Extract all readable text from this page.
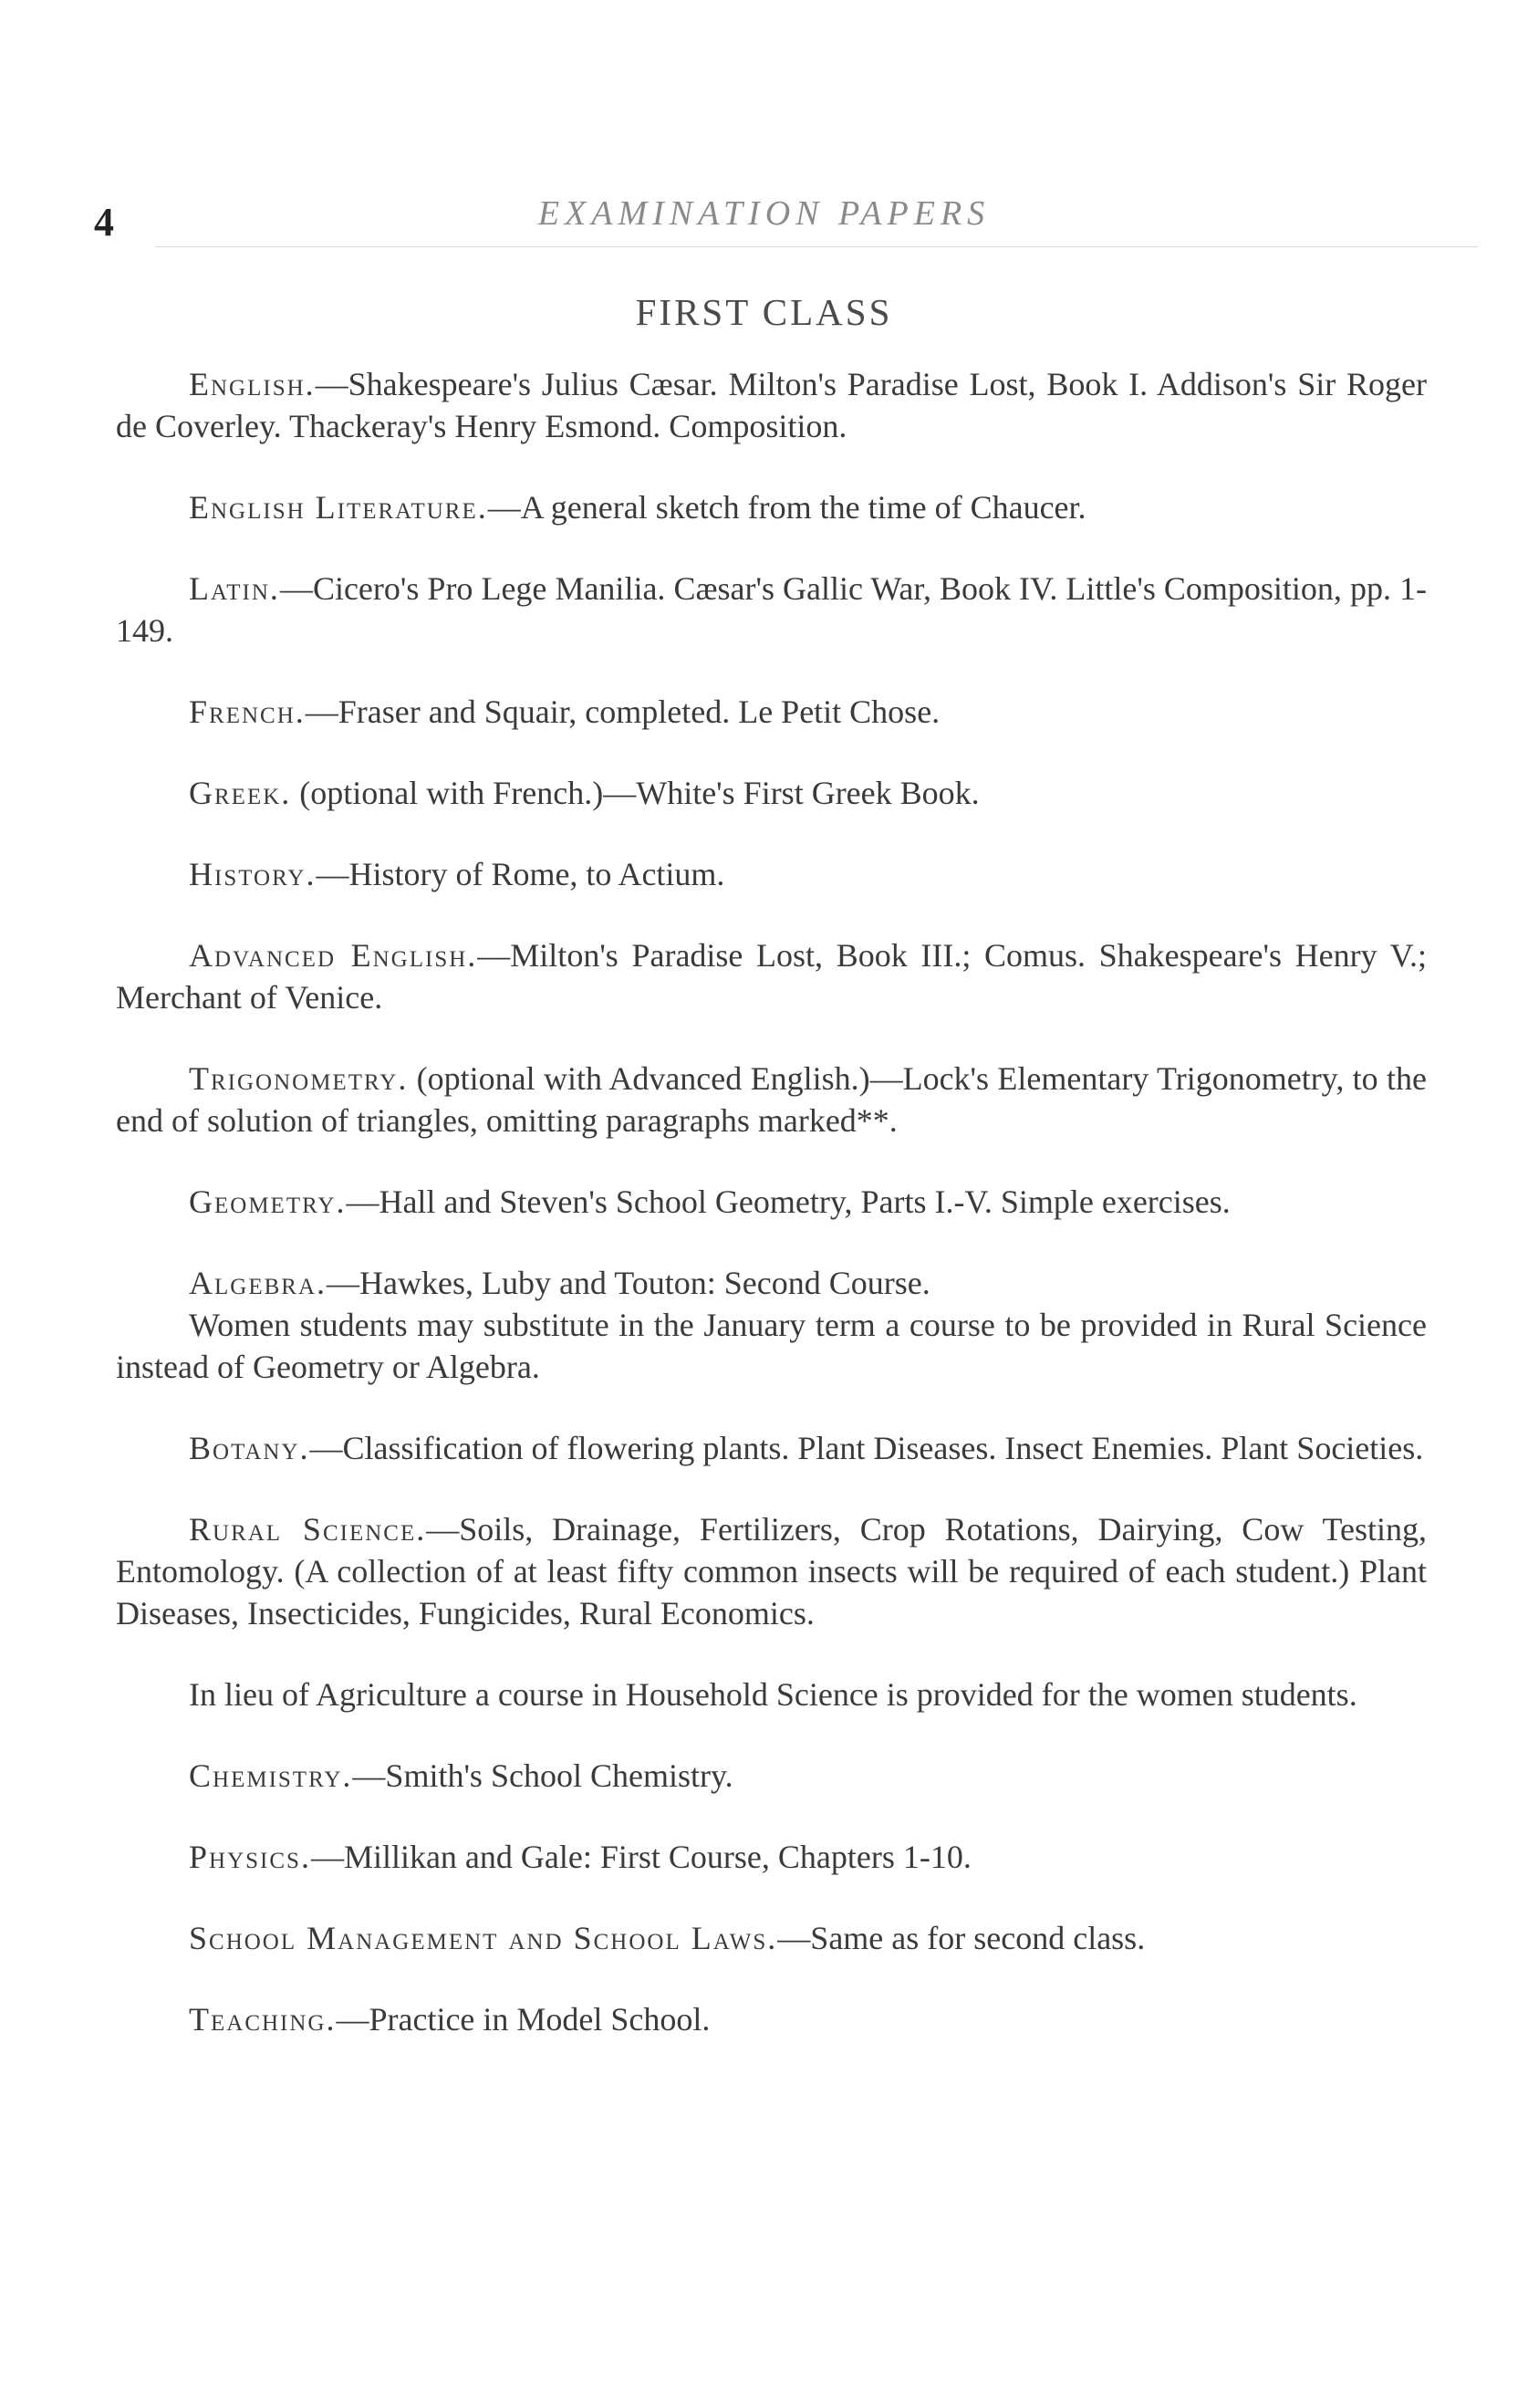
4	EXAMINATION PAPERS
FIRST CLASS

English.—Shakespeare's Julius Cæsar. Milton's Paradise Lost, Book I. Addison's Sir Roger de Coverley. Thackeray's Henry Esmond. Composition.

English Literature.—A general sketch from the time of Chaucer.

Latin.—Cicero's Pro Lege Manilia. Cæsar's Gallic War, Book IV. Little's Composition, pp. 1-149.

French.—Fraser and Squair, completed. Le Petit Chose.

Greek. (optional with French.)—White's First Greek Book.

History.—History of Rome, to Actium.

Advanced English.—Milton's Paradise Lost, Book III.; Comus. Shakespeare's Henry V.; Merchant of Venice.

Trigonometry. (optional with Advanced English.)—Lock's Elementary Trigonometry, to the end of solution of triangles, omitting paragraphs marked**.

Geometry.—Hall and Steven's School Geometry, Parts I.-V. Simple exercises.

Algebra.—Hawkes, Luby and Touton: Second Course.

Women students may substitute in the January term a course to be provided in Rural Science instead of Geometry or Algebra.

Botany.—Classification of flowering plants. Plant Diseases. Insect Enemies. Plant Societies.

Rural Science.—Soils, Drainage, Fertilizers, Crop Rotations, Dairying, Cow Testing, Entomology. (A collection of at least fifty common insects will be required of each student.) Plant Diseases, Insecticides, Fungicides, Rural Economics.

In lieu of Agriculture a course in Household Science is provided for the women students.

Chemistry.—Smith's School Chemistry.

Physics.—Millikan and Gale: First Course, Chapters 1-10.

School Management and School Laws.—Same as for second class.

Teaching.—Practice in Model School.
